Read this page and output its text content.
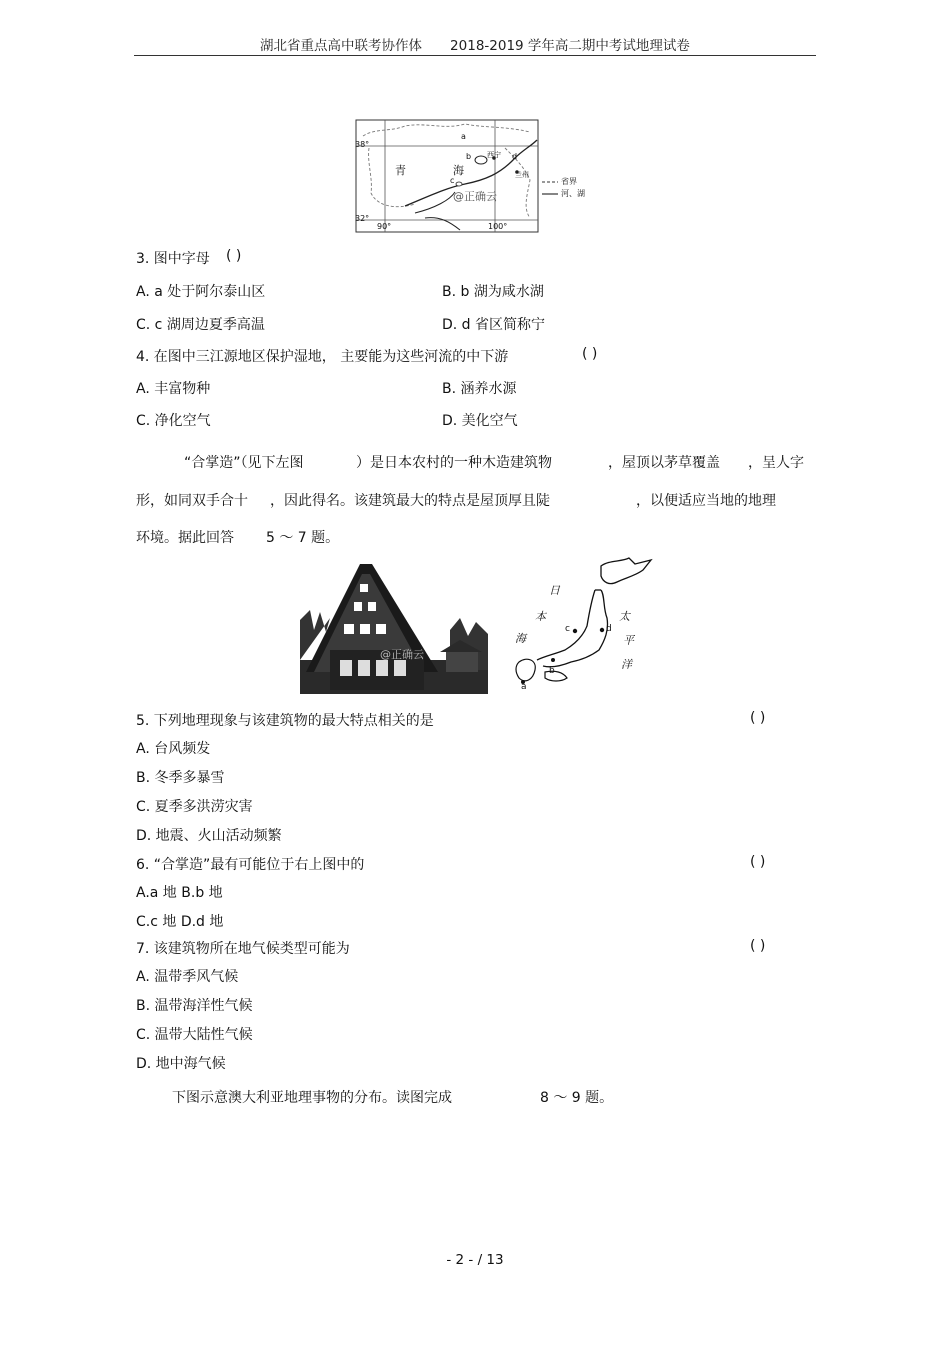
湖北省重点高中联考协作体 2018-2019 学年高二期中考试地理试卷
38°
32°
90°	100°
青	海
a
b
c
d
西宁
兰州
@正确云
省界
河、湖
3. 图中字母 ( )
A. a 处于阿尔泰山区	B. b 湖为咸水湖
C. c 湖周边夏季高温	D. d 省区简称宁
4. 在图中三江源地区保护湿地， 主要能为这些河流的中下游	( )
A. 丰富物种	B. 涵养水源
C. 净化空气	D. 美化空气
“合掌造”（见下左图	）是日本农村的一种木造建筑物	，屋顶以茅草覆盖 ，呈人字
形，如同双手合十 ，因此得名。该建筑最大的特点是屋顶厚且陡	，以便适应当地的地理
环境。据此回答 5 ～ 7 题。
@正确云
日
本
海
太
平
洋
a
b
c	d
5. 下列地理现象与该建筑物的最大特点相关的是	( )
A. 台风频发
B. 冬季多暴雪
C. 夏季多洪涝灾害
D. 地震、火山活动频繁
6. “合掌造”最有可能位于右上图中的	( )
A.a 地 B.b 地
C.c 地 D.d 地
7. 该建筑物所在地气候类型可能为	( )
A. 温带季风气候
B. 温带海洋性气候
C. 温带大陆性气候
D. 地中海气候
下图示意澳大利亚地理事物的分布。读图完成	8 ～ 9 题。
- 2 - / 13
